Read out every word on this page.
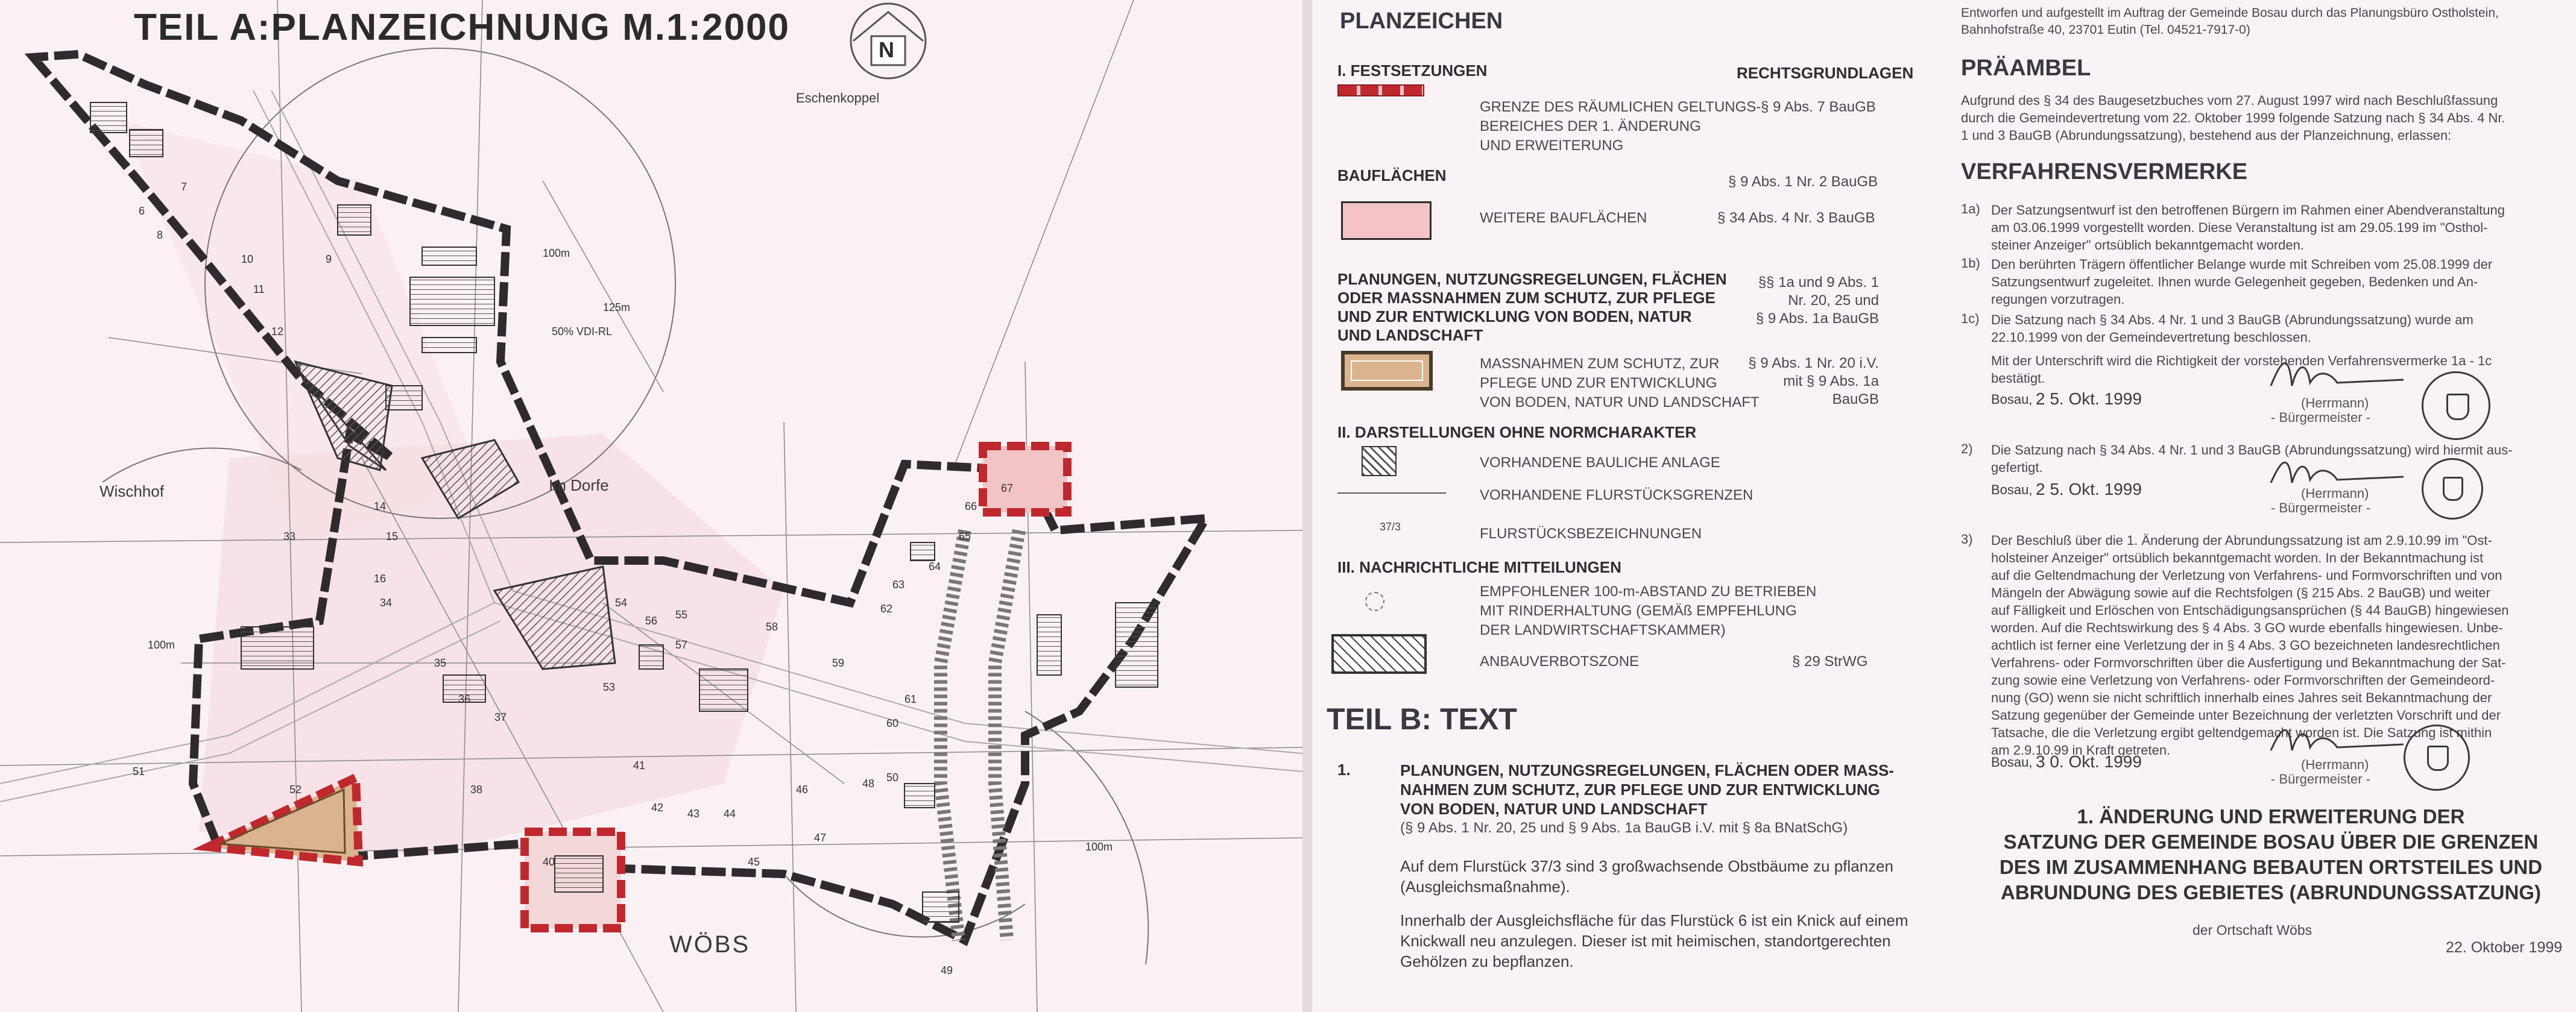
TEIL A:PLANZEICHNUNG M.1:2000
N
Eschenkoppel
Wischhof	Im Dorfe
WÖBS
100m
125m
50% VDI-RL
100m
100m
6
7
8
9
10
11
12
13
14
15
16
33
34
35
36
37
38
40
41
42 43 44
45
46
47
48
49
50
51
52
53
54
55
56
57
58
59
60
61
62
63
64
65
66
67
PLANZEICHEN
I. FESTSETZUNGEN	RECHTSGRUNDLAGEN
GRENZE DES RÄUMLICHEN GELTUNGS-
BEREICHES DER 1. ÄNDERUNG
UND ERWEITERUNG
§ 9 Abs. 7 BauGB
BAUFLÄCHEN	§ 9 Abs. 1 Nr. 2 BauGB
WEITERE BAUFLÄCHEN	§ 34 Abs. 4 Nr. 3 BauGB
PLANUNGEN, NUTZUNGSREGELUNGEN, FLÄCHEN
ODER MASSNAHMEN ZUM SCHUTZ, ZUR PFLEGE
UND ZUR ENTWICKLUNG VON BODEN, NATUR
UND LANDSCHAFT
§§ 1a und 9 Abs. 1
Nr. 20, 25 und
§ 9 Abs. 1a BauGB
MASSNAHMEN ZUM SCHUTZ, ZUR
PFLEGE UND ZUR ENTWICKLUNG
VON BODEN, NATUR UND LANDSCHAFT
§ 9 Abs. 1 Nr. 20 i.V.
mit § 9 Abs. 1a
BauGB
II. DARSTELLUNGEN OHNE NORMCHARAKTER
VORHANDENE BAULICHE ANLAGE
VORHANDENE FLURSTÜCKSGRENZEN
37/3	FLURSTÜCKSBEZEICHNUNGEN
III. NACHRICHTLICHE MITTEILUNGEN
EMPFOHLENER 100-m-ABSTAND ZU BETRIEBEN
MIT RINDERHALTUNG (GEMÄß EMPFEHLUNG
DER LANDWIRTSCHAFTSKAMMER)
ANBAUVERBOTSZONE	§ 29 StrWG
TEIL B: TEXT
1.	PLANUNGEN, NUTZUNGSREGELUNGEN, FLÄCHEN ODER MASS-
NAHMEN ZUM SCHUTZ, ZUR PFLEGE UND ZUR ENTWICKLUNG
VON BODEN, NATUR UND LANDSCHAFT
(§ 9 Abs. 1 Nr. 20, 25 und § 9 Abs. 1a BauGB i.V. mit § 8a BNatSchG)
Auf dem Flurstück 37/3 sind 3 großwachsende Obstbäume zu pflanzen
(Ausgleichsmaßnahme).
Innerhalb der Ausgleichsfläche für das Flurstück 6 ist ein Knick auf einem
Knickwall neu anzulegen. Dieser ist mit heimischen, standortgerechten
Gehölzen zu bepflanzen.
Entworfen und aufgestellt im Auftrag der Gemeinde Bosau durch das Planungsbüro Ostholstein, Bahnhofstraße 40, 23701 Eutin (Tel. 04521-7917-0)
PRÄAMBEL
Aufgrund des § 34 des Baugesetzbuches vom 27. August 1997 wird nach Beschlußfassung
durch die Gemeindevertretung vom 22. Oktober 1999 folgende Satzung nach § 34 Abs. 4 Nr.
1 und 3 BauGB (Abrundungssatzung), bestehend aus der Planzeichnung, erlassen:
VERFAHRENSVERMERKE
1a) Der Satzungsentwurf ist den betroffenen Bürgern im Rahmen einer Abendveranstaltung
am 03.06.1999 vorgestellt worden. Diese Veranstaltung ist am 29.05.199 im "Osthol-
steiner Anzeiger" ortsüblich bekanntgemacht worden.
1b) Den berührten Trägern öffentlicher Belange wurde mit Schreiben vom 25.08.1999 der
Satzungsentwurf zugeleitet. Ihnen wurde Gelegenheit gegeben, Bedenken und An-
regungen vorzutragen.
1c) Die Satzung nach § 34 Abs. 4 Nr. 1 und 3 BauGB (Abrundungssatzung) wurde am
22.10.1999 von der Gemeindevertretung beschlossen.
Mit der Unterschrift wird die Richtigkeit der vorstehenden Verfahrensvermerke 1a - 1c
bestätigt.
Bosau, 2 5. Okt. 1999	(Herrmann)
- Bürgermeister -
2) Die Satzung nach § 34 Abs. 4 Nr. 1 und 3 BauGB (Abrundungssatzung) wird hiermit aus-
gefertigt.
Bosau, 2 5. Okt. 1999	(Herrmann)
- Bürgermeister -
3) Der Beschluß über die 1. Änderung der Abrundungssatzung ist am 2.9.10.99 im "Ost-
holsteiner Anzeiger" ortsüblich bekanntgemacht worden. In der Bekanntmachung ist
auf die Geltendmachung der Verletzung von Verfahrens- und Formvorschriften und von
Mängeln der Abwägung sowie auf die Rechtsfolgen (§ 215 Abs. 2 BauGB) und weiter
auf Fälligkeit und Erlöschen von Entschädigungsansprüchen (§ 44 BauGB) hingewiesen
worden. Auf die Rechtswirkung des § 4 Abs. 3 GO wurde ebenfalls hingewiesen. Unbe-
achtlich ist ferner eine Verletzung der in § 4 Abs. 3 GO bezeichneten landesrechtlichen
Verfahrens- oder Formvorschriften über die Ausfertigung und Bekanntmachung der Sat-
zung sowie eine Verletzung von Verfahrens- oder Formvorschriften der Gemeindeord-
nung (GO) wenn sie nicht schriftlich innerhalb eines Jahres seit Bekanntmachung der
Satzung gegenüber der Gemeinde unter Bezeichnung der verletzten Vorschrift und der
Tatsache, die die Verletzung ergibt geltendgemacht worden ist. Die Satzung ist mithin
am 2.9.10.99 in Kraft getreten.
Bosau, 3 0. Okt. 1999	(Herrmann)
- Bürgermeister -
1. ÄNDERUNG UND ERWEITERUNG DER
SATZUNG DER GEMEINDE BOSAU ÜBER DIE GRENZEN
DES IM ZUSAMMENHANG BEBAUTEN ORTSTEILES UND
ABRUNDUNG DES GEBIETES (ABRUNDUNGSSATZUNG)
der Ortschaft Wöbs
22. Oktober 1999
